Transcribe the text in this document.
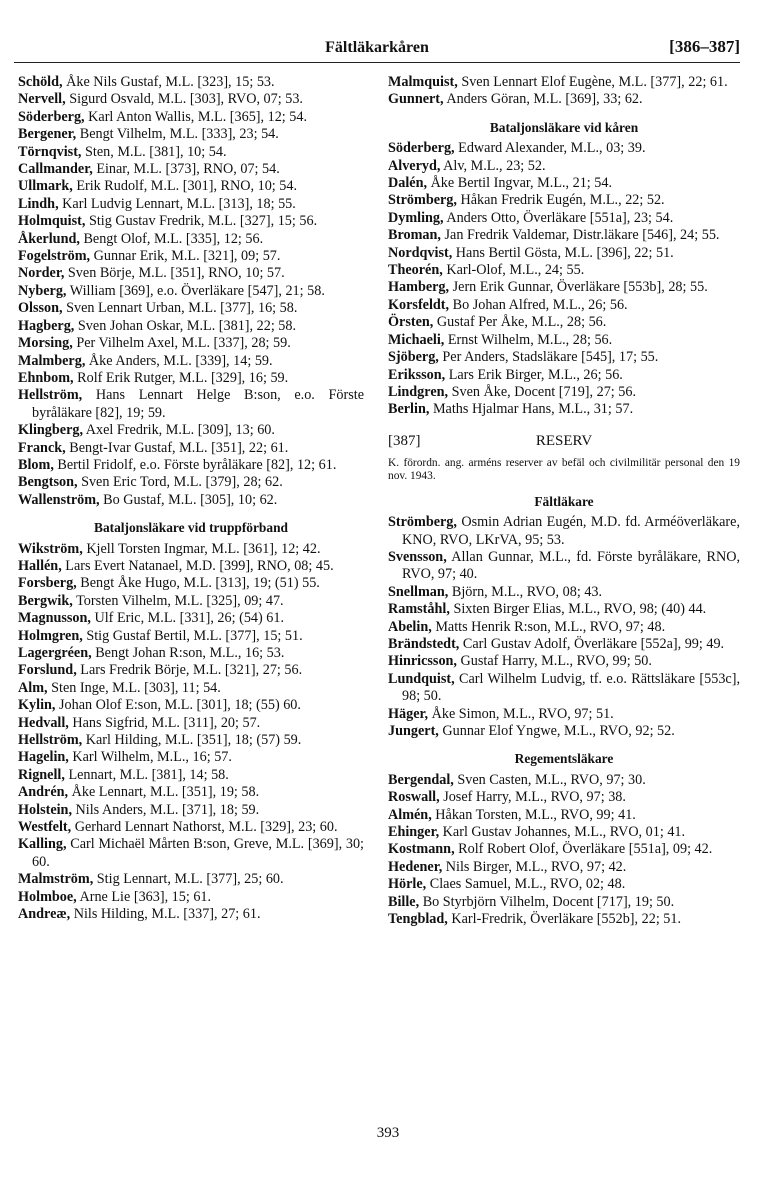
Fältläkarkåren	[386–387]

Schöld, Åke Nils Gustaf, M.L. [323], 15; 53.

Nervell, Sigurd Osvald, M.L. [303], RVO, 07; 53.

Söderberg, Karl Anton Wallis, M.L. [365], 12; 54.

Bergener, Bengt Vilhelm, M.L. [333], 23; 54.

Törnqvist, Sten, M.L. [381], 10; 54.

Callmander, Einar, M.L. [373], RNO, 07; 54.

Ullmark, Erik Rudolf, M.L. [301], RNO, 10; 54.

Lindh, Karl Ludvig Lennart, M.L. [313], 18; 55.

Holmquist, Stig Gustav Fredrik, M.L. [327], 15; 56.

Åkerlund, Bengt Olof, M.L. [335], 12; 56.

Fogelström, Gunnar Erik, M.L. [321], 09; 57.

Norder, Sven Börje, M.L. [351], RNO, 10; 57.

Nyberg, William [369], e.o. Överläkare [547], 21; 58.

Olsson, Sven Lennart Urban, M.L. [377], 16; 58.

Hagberg, Sven Johan Oskar, M.L. [381], 22; 58.

Morsing, Per Vilhelm Axel, M.L. [337], 28; 59.

Malmberg, Åke Anders, M.L. [339], 14; 59.

Ehnbom, Rolf Erik Rutger, M.L. [329], 16; 59.

Hellström, Hans Lennart Helge B:son, e.o. Förste byråläkare [82], 19; 59.

Klingberg, Axel Fredrik, M.L. [309], 13; 60.

Franck, Bengt-Ivar Gustaf, M.L. [351], 22; 61.

Blom, Bertil Fridolf, e.o. Förste byråläkare [82], 12; 61.

Bengtson, Sven Eric Tord, M.L. [379], 28; 62.

Wallenström, Bo Gustaf, M.L. [305], 10; 62.

Bataljonsläkare vid truppförband

Wikström, Kjell Torsten Ingmar, M.L. [361], 12; 42.

Hallén, Lars Evert Natanael, M.D. [399], RNO, 08; 45.

Forsberg, Bengt Åke Hugo, M.L. [313], 19; (51) 55.

Bergwik, Torsten Vilhelm, M.L. [325], 09; 47.

Magnusson, Ulf Eric, M.L. [331], 26; (54) 61.

Holmgren, Stig Gustaf Bertil, M.L. [377], 15; 51.

Lagergréen, Bengt Johan R:son, M.L., 16; 53.

Forslund, Lars Fredrik Börje, M.L. [321], 27; 56.

Alm, Sten Inge, M.L. [303], 11; 54.

Kylin, Johan Olof E:son, M.L. [301], 18; (55) 60.

Hedvall, Hans Sigfrid, M.L. [311], 20; 57.

Hellström, Karl Hilding, M.L. [351], 18; (57) 59.

Hagelin, Karl Wilhelm, M.L., 16; 57.

Rignell, Lennart, M.L. [381], 14; 58.

Andrén, Åke Lennart, M.L. [351], 19; 58.

Holstein, Nils Anders, M.L. [371], 18; 59.

Westfelt, Gerhard Lennart Nathorst, M.L. [329], 23; 60.

Kalling, Carl Michaël Mårten B:son, Greve, M.L. [369], 30; 60.

Malmström, Stig Lennart, M.L. [377], 25; 60.

Holmboe, Arne Lie [363], 15; 61.

Andreæ, Nils Hilding, M.L. [337], 27; 61.

Malmquist, Sven Lennart Elof Eugène, M.L. [377], 22; 61.

Gunnert, Anders Göran, M.L. [369], 33; 62.

Bataljonsläkare vid kåren

Söderberg, Edward Alexander, M.L., 03; 39.

Alveryd, Alv, M.L., 23; 52.

Dalén, Åke Bertil Ingvar, M.L., 21; 54.

Strömberg, Håkan Fredrik Eugén, M.L., 22; 52.

Dymling, Anders Otto, Överläkare [551a], 23; 54.

Broman, Jan Fredrik Valdemar, Distr.läkare [546], 24; 55.

Nordqvist, Hans Bertil Gösta, M.L. [396], 22; 51.

Theorén, Karl-Olof, M.L., 24; 55.

Hamberg, Jern Erik Gunnar, Överläkare [553b], 28; 55.

Korsfeldt, Bo Johan Alfred, M.L., 26; 56.

Örsten, Gustaf Per Åke, M.L., 28; 56.

Michaeli, Ernst Wilhelm, M.L., 28; 56.

Sjöberg, Per Anders, Stadsläkare [545], 17; 55.

Eriksson, Lars Erik Birger, M.L., 26; 56.

Lindgren, Sven Åke, Docent [719], 27; 56.

Berlin, Maths Hjalmar Hans, M.L., 31; 57.

[387]	RESERV
K. förordn. ang. arméns reserver av befäl och civilmilitär personal den 19 nov. 1943.
Fältläkare

Strömberg, Osmin Adrian Eugén, M.D. fd. Arméöverläkare, KNO, RVO, LKrVA, 95; 53.

Svensson, Allan Gunnar, M.L., fd. Förste byråläkare, RNO, RVO, 97; 40.

Snellman, Björn, M.L., RVO, 08; 43.

Ramståhl, Sixten Birger Elias, M.L., RVO, 98; (40) 44.

Abelin, Matts Henrik R:son, M.L., RVO, 97; 48.

Brändstedt, Carl Gustav Adolf, Överläkare [552a], 99; 49.

Hinricsson, Gustaf Harry, M.L., RVO, 99; 50.

Lundquist, Carl Wilhelm Ludvig, tf. e.o. Rättsläkare [553c], 98; 50.

Häger, Åke Simon, M.L., RVO, 97; 51.

Jungert, Gunnar Elof Yngwe, M.L., RVO, 92; 52.

Regementsläkare

Bergendal, Sven Casten, M.L., RVO, 97; 30.

Roswall, Josef Harry, M.L., RVO, 97; 38.

Almén, Håkan Torsten, M.L., RVO, 99; 41.

Ehinger, Karl Gustav Johannes, M.L., RVO, 01; 41.

Kostmann, Rolf Robert Olof, Överläkare [551a], 09; 42.

Hedener, Nils Birger, M.L., RVO, 97; 42.

Hörle, Claes Samuel, M.L., RVO, 02; 48.

Bille, Bo Styrbjörn Vilhelm, Docent [717], 19; 50.

Tengblad, Karl-Fredrik, Överläkare [552b], 22; 51.

393
